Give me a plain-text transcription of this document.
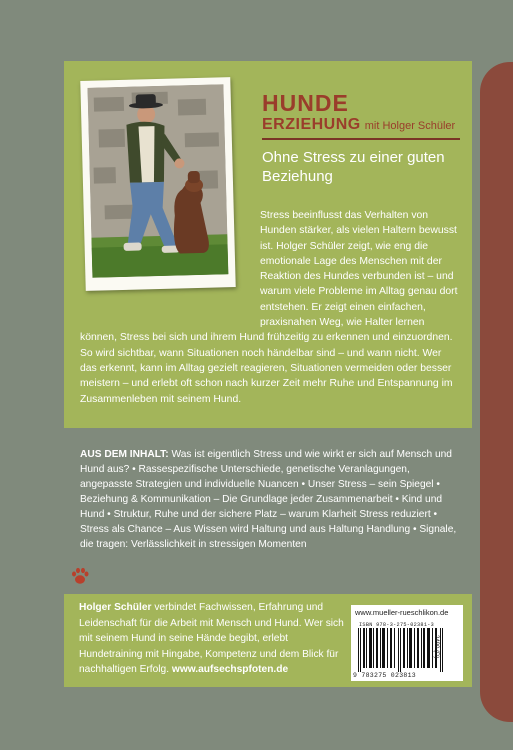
HUNDE
ERZIEHUNG mit Holger Schüler
Ohne Stress zu einer guten Beziehung
Stress beeinflusst das Verhalten von Hunden stärker, als vielen Haltern bewusst ist. Holger Schüler zeigt, wie eng die emotionale Lage des Menschen mit der Reaktion des Hundes verbunden ist – und warum viele Probleme im Alltag genau dort entstehen. Er zeigt einen einfachen, praxisnahen Weg, wie Halter lernen können, Stress bei sich und ihrem Hund frühzeitig zu erkennen und einzuordnen. So wird sichtbar, wann Situationen noch händelbar sind – und wann nicht. Wer das erkennt, kann im Alltag gezielt reagieren, Situationen vermeiden oder besser meistern – und erlebt oft schon nach kurzer Zeit mehr Ruhe und Entspannung im Zusammenleben mit seinem Hund.
AUS DEM INHALT: Was ist eigentlich Stress und wie wirkt er sich auf Mensch und Hund aus? • Rassespezifische Unterschiede, genetische Veranlagungen, angepasste Strategien und individuelle Nuancen • Unser Stress – sein Spiegel • Beziehung & Kommunikation – Die Grundlage jeder Zusammenarbeit • Kind und Hund • Struktur, Ruhe und der sichere Platz – warum Klarheit Stress reduziert • Stress als Chance – Aus Wissen wird Haltung und aus Haltung Handlung • Signale, die tragen: Verlässlichkeit in stressigen Momenten
Holger Schüler verbindet Fachwissen, Erfahrung und Leidenschaft für die Arbeit mit Mensch und Hund. Wer sich mit seinem Hund in seine Hände begibt, erlebt Hundetraining mit Hingabe, Kompetenz und dem Blick für nachhaltigen Erfolg. www.aufsechspfoten.de
www.mueller-rueschlikon.de
ISBN 978-3-275-02381-3
9 783275 023813
2490 (D)
